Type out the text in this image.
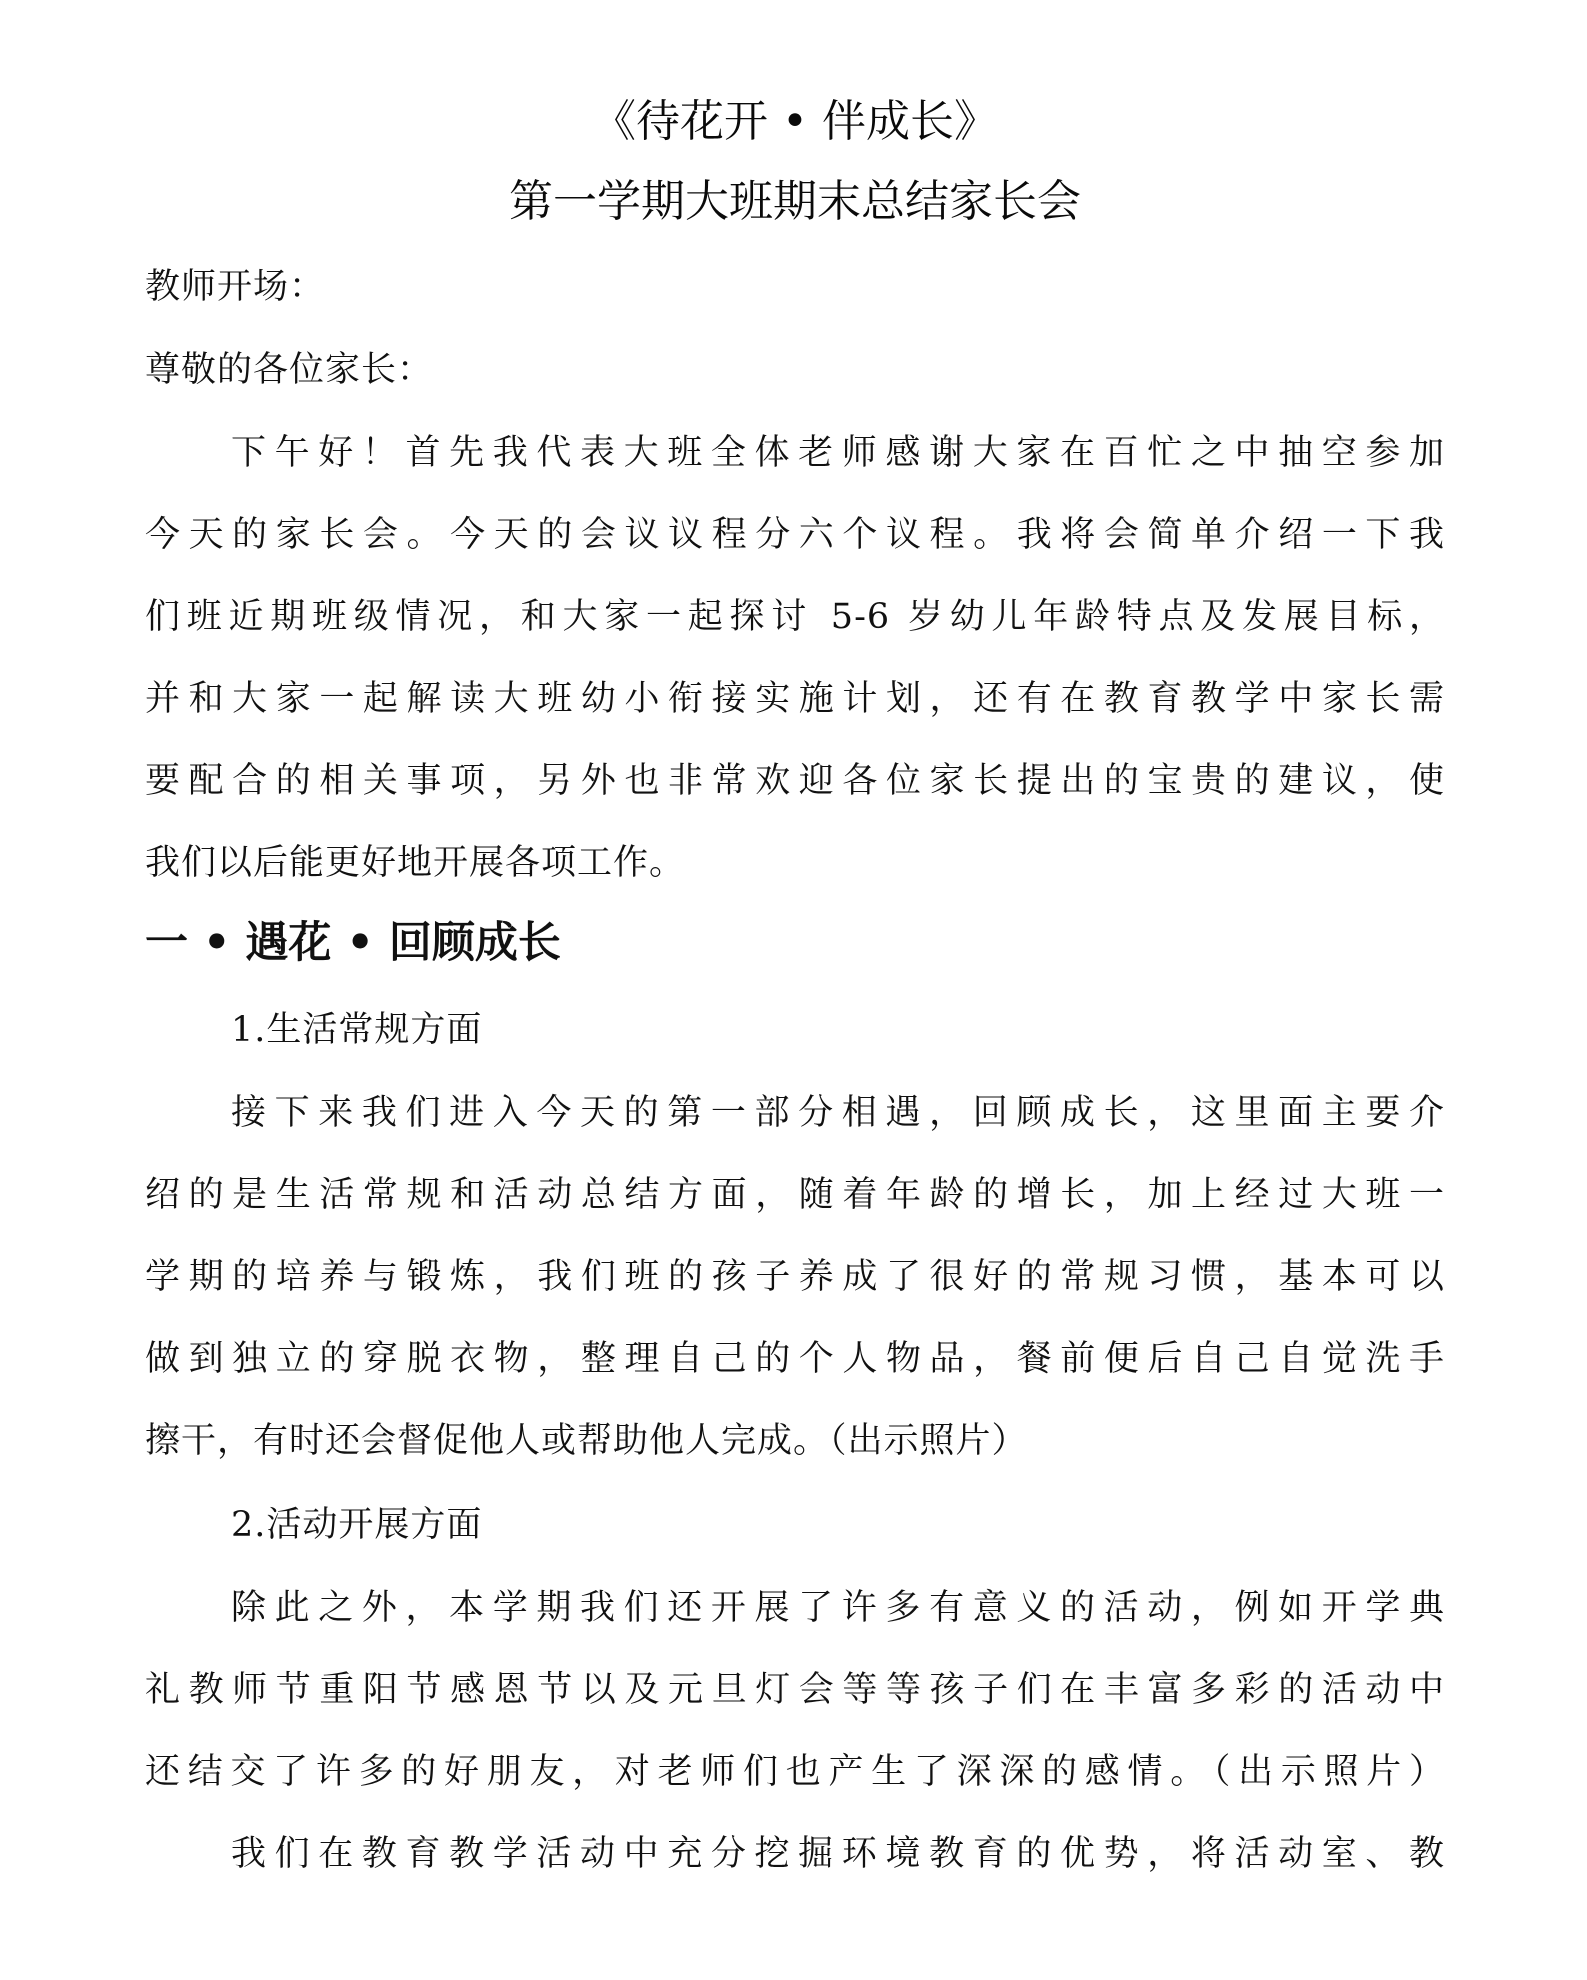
《待花开 • 伴成长》
第一学期大班期末总结家长会
教师开场：
尊敬的各位家长：
下午好！首先我代表大班全体老师感谢大家在百忙之中抽空参加
今天的家长会。今天的会议议程分六个议程。我将会简单介绍一下我
们班近期班级情况，和大家一起探讨 5-6 岁幼儿年龄特点及发展目标，
并和大家一起解读大班幼小衔接实施计划，还有在教育教学中家长需
要配合的相关事项，另外也非常欢迎各位家长提出的宝贵的建议，使
我们以后能更好地开展各项工作。
一 • 遇花 • 回顾成长
1.生活常规方面
接下来我们进入今天的第一部分相遇，回顾成长，这里面主要介
绍的是生活常规和活动总结方面，随着年龄的增长，加上经过大班一
学期的培养与锻炼，我们班的孩子养成了很好的常规习惯，基本可以
做到独立的穿脱衣物，整理自己的个人物品，餐前便后自己自觉洗手
擦干，有时还会督促他人或帮助他人完成。（出示照片）
2.活动开展方面
除此之外，本学期我们还开展了许多有意义的活动，例如开学典
礼教师节重阳节感恩节以及元旦灯会等等孩子们在丰富多彩的活动中
还结交了许多的好朋友，对老师们也产生了深深的感情。（出示照片）
我们在教育教学活动中充分挖掘环境教育的优势，将活动室、教
